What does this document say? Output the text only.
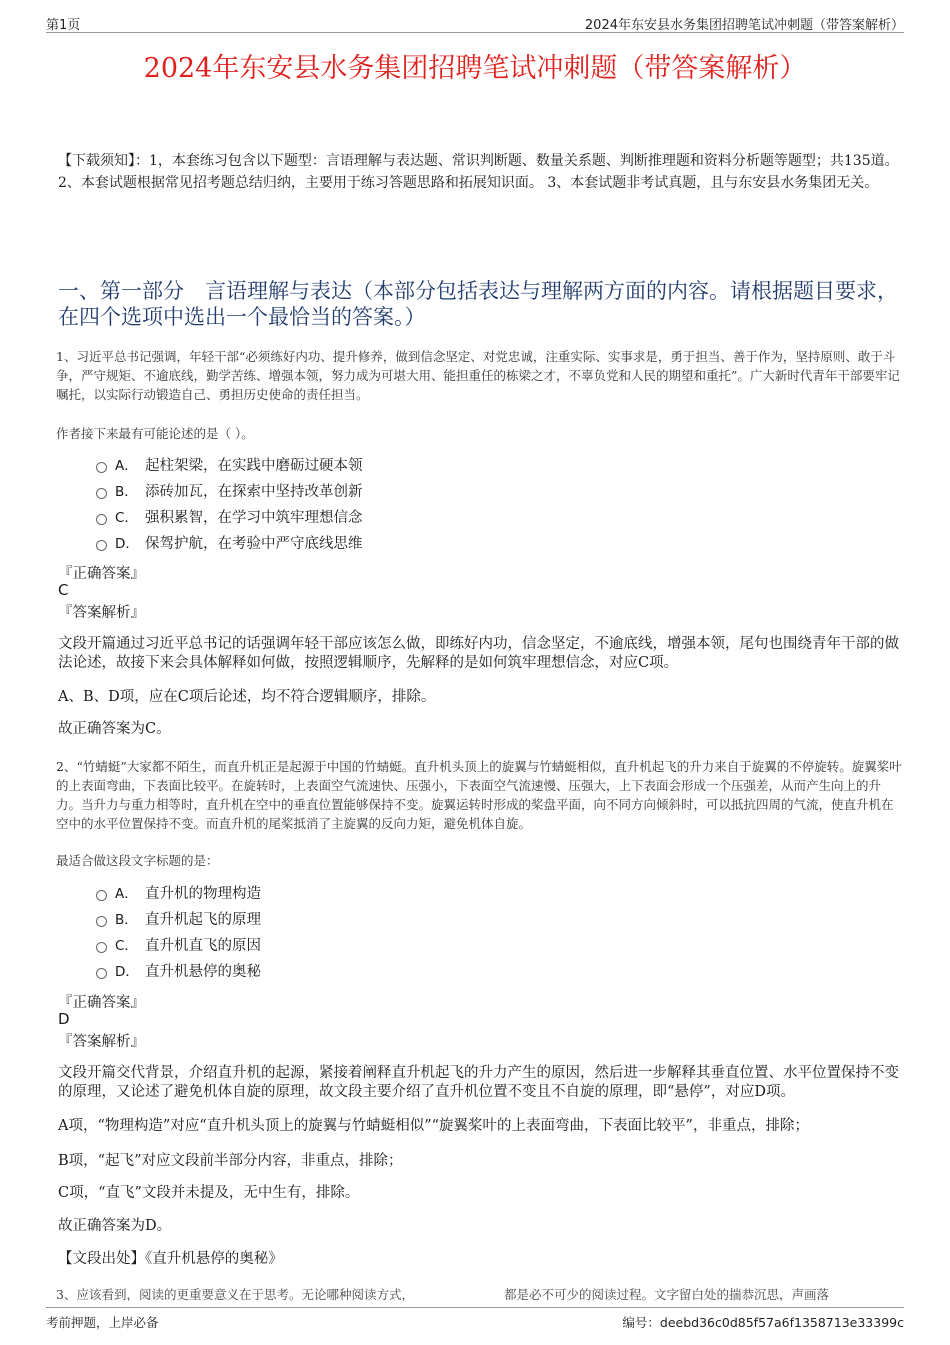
第1页	2024年东安县水务集团招聘笔试冲刺题（带答案解析）
2024年东安县水务集团招聘笔试冲刺题（带答案解析）
【下载须知】：1，本套练习包含以下题型：言语理解与表达题、常识判断题、数量关系题、判断推理题和资料分析题等题型；共135道。 2、本套试题根据常见招考题总结归纳，主要用于练习答题思路和拓展知识面。 3、本套试题非考试真题，且与东安县水务集团无关。
一、第一部分　言语理解与表达（本部分包括表达与理解两方面的内容。请根据题目要求，在四个选项中选出一个最恰当的答案。）
1、习近平总书记强调，年轻干部“必须练好内功、提升修养，做到信念坚定、对党忠诚，注重实际、实事求是，勇于担当、善于作为，坚持原则、敢于斗争，严守规矩、不逾底线，勤学苦练、增强本领，努力成为可堪大用、能担重任的栋梁之才，不辜负党和人民的期望和重托”。广大新时代青年干部要牢记嘱托，以实际行动锻造自己、勇担历史使命的责任担当。
作者接下来最有可能论述的是（ ）。
A． 起柱架梁，在实践中磨砺过硬本领
B． 添砖加瓦，在探索中坚持改革创新
C． 强积累智，在学习中筑牢理想信念
D． 保驾护航，在考验中严守底线思维
『正确答案』
C
『答案解析』
文段开篇通过习近平总书记的话强调年轻干部应该怎么做，即练好内功，信念坚定，不逾底线，增强本领，尾句也围绕青年干部的做法论述，故接下来会具体解释如何做，按照逻辑顺序，先解释的是如何筑牢理想信念，对应C项。
A、B、D项，应在C项后论述，均不符合逻辑顺序，排除。
故正确答案为C。
2、“竹蜻蜓”大家都不陌生，而直升机正是起源于中国的竹蜻蜓。直升机头顶上的旋翼与竹蜻蜓相似，直升机起飞的升力来自于旋翼的不停旋转。旋翼桨叶的上表面弯曲，下表面比较平。在旋转时，上表面空气流速快、压强小，下表面空气流速慢、压强大，上下表面会形成一个压强差，从而产生向上的升力。当升力与重力相等时，直升机在空中的垂直位置能够保持不变。旋翼运转时形成的桨盘平面，向不同方向倾斜时，可以抵抗四周的气流，使直升机在空中的水平位置保持不变。而直升机的尾桨抵消了主旋翼的反向力矩，避免机体自旋。
最适合做这段文字标题的是：
A． 直升机的物理构造
B． 直升机起飞的原理
C． 直升机直飞的原因
D． 直升机悬停的奥秘
『正确答案』
D
『答案解析』
文段开篇交代背景，介绍直升机的起源，紧接着阐释直升机起飞的升力产生的原因，然后进一步解释其垂直位置、水平位置保持不变的原理，又论述了避免机体自旋的原理，故文段主要介绍了直升机位置不变且不自旋的原理，即“悬停”，对应D项。
A项，“物理构造”对应“直升机头顶上的旋翼与竹蜻蜓相似”“旋翼桨叶的上表面弯曲，下表面比较平”，非重点，排除；
B项，“起飞”对应文段前半部分内容，非重点，排除；
C项，“直飞”文段并未提及，无中生有，排除。
故正确答案为D。
【文段出处】《直升机悬停的奥秘》
3、应该看到，阅读的更重要意义在于思考。无论哪种阅读方式，	都是必不可少的阅读过程。文字留白处的揣恭沉思，声画落
考前押题，上岸必备	编号：deebd36c0d85f57a6f1358713e33399c
